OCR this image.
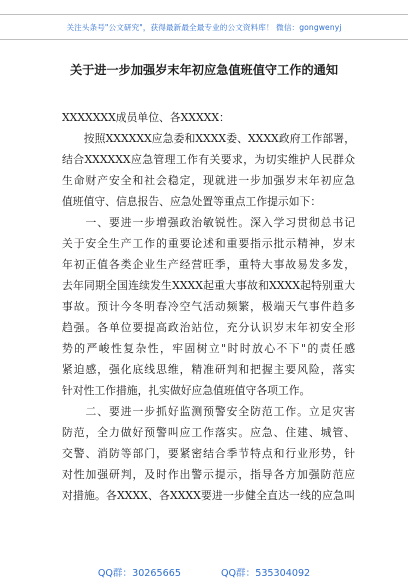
关注头条号"公文研究"，获得最新最全最专业的公文资料库！ 微信：gongwenyj
关于进一步加强岁末年初应急值班值守工作的通知
XXXXXXX成员单位、各XXXXX：
　　按照XXXXXX应急委和XXXX委、XXXX政府工作部署，
结合XXXXXX应急管理工作有关要求，为切实维护人民群众
生命财产安全和社会稳定，现就进一步加强岁末年初应急
值班值守、信息报告、应急处置等重点工作提示如下：
　　一、要进一步增强政治敏锐性。深入学习贯彻总书记
关于安全生产工作的重要论述和重要指示批示精神，岁末
年初正值各类企业生产经营旺季，重特大事故易发多发，
去年同期全国连续发生XXXX起重大事故和XXXX起特别重大
事故。预计今冬明春冷空气活动频繁，极端天气事件趋多
趋强。各单位要提高政治站位，充分认识岁末年初安全形
势的严峻性复杂性，牢固树立"时时放心不下"的责任感
紧迫感，强化底线思维，精准研判和把握主要风险，落实
针对性工作措施，扎实做好应急值班值守各项工作。
　　二、要进一步抓好监测预警安全防范工作。立足灾害
防范，全力做好预警叫应工作落实。应急、住建、城管、
交警、消防等部门，要紧密结合季节特点和行业形势，针
对性加强研判，及时作出警示提示，指导各方加强防范应
对措施。各XXXX、各XXXX要进一步健全直达一线的应急叫
QQ群：30265665	QQ群：535304092
